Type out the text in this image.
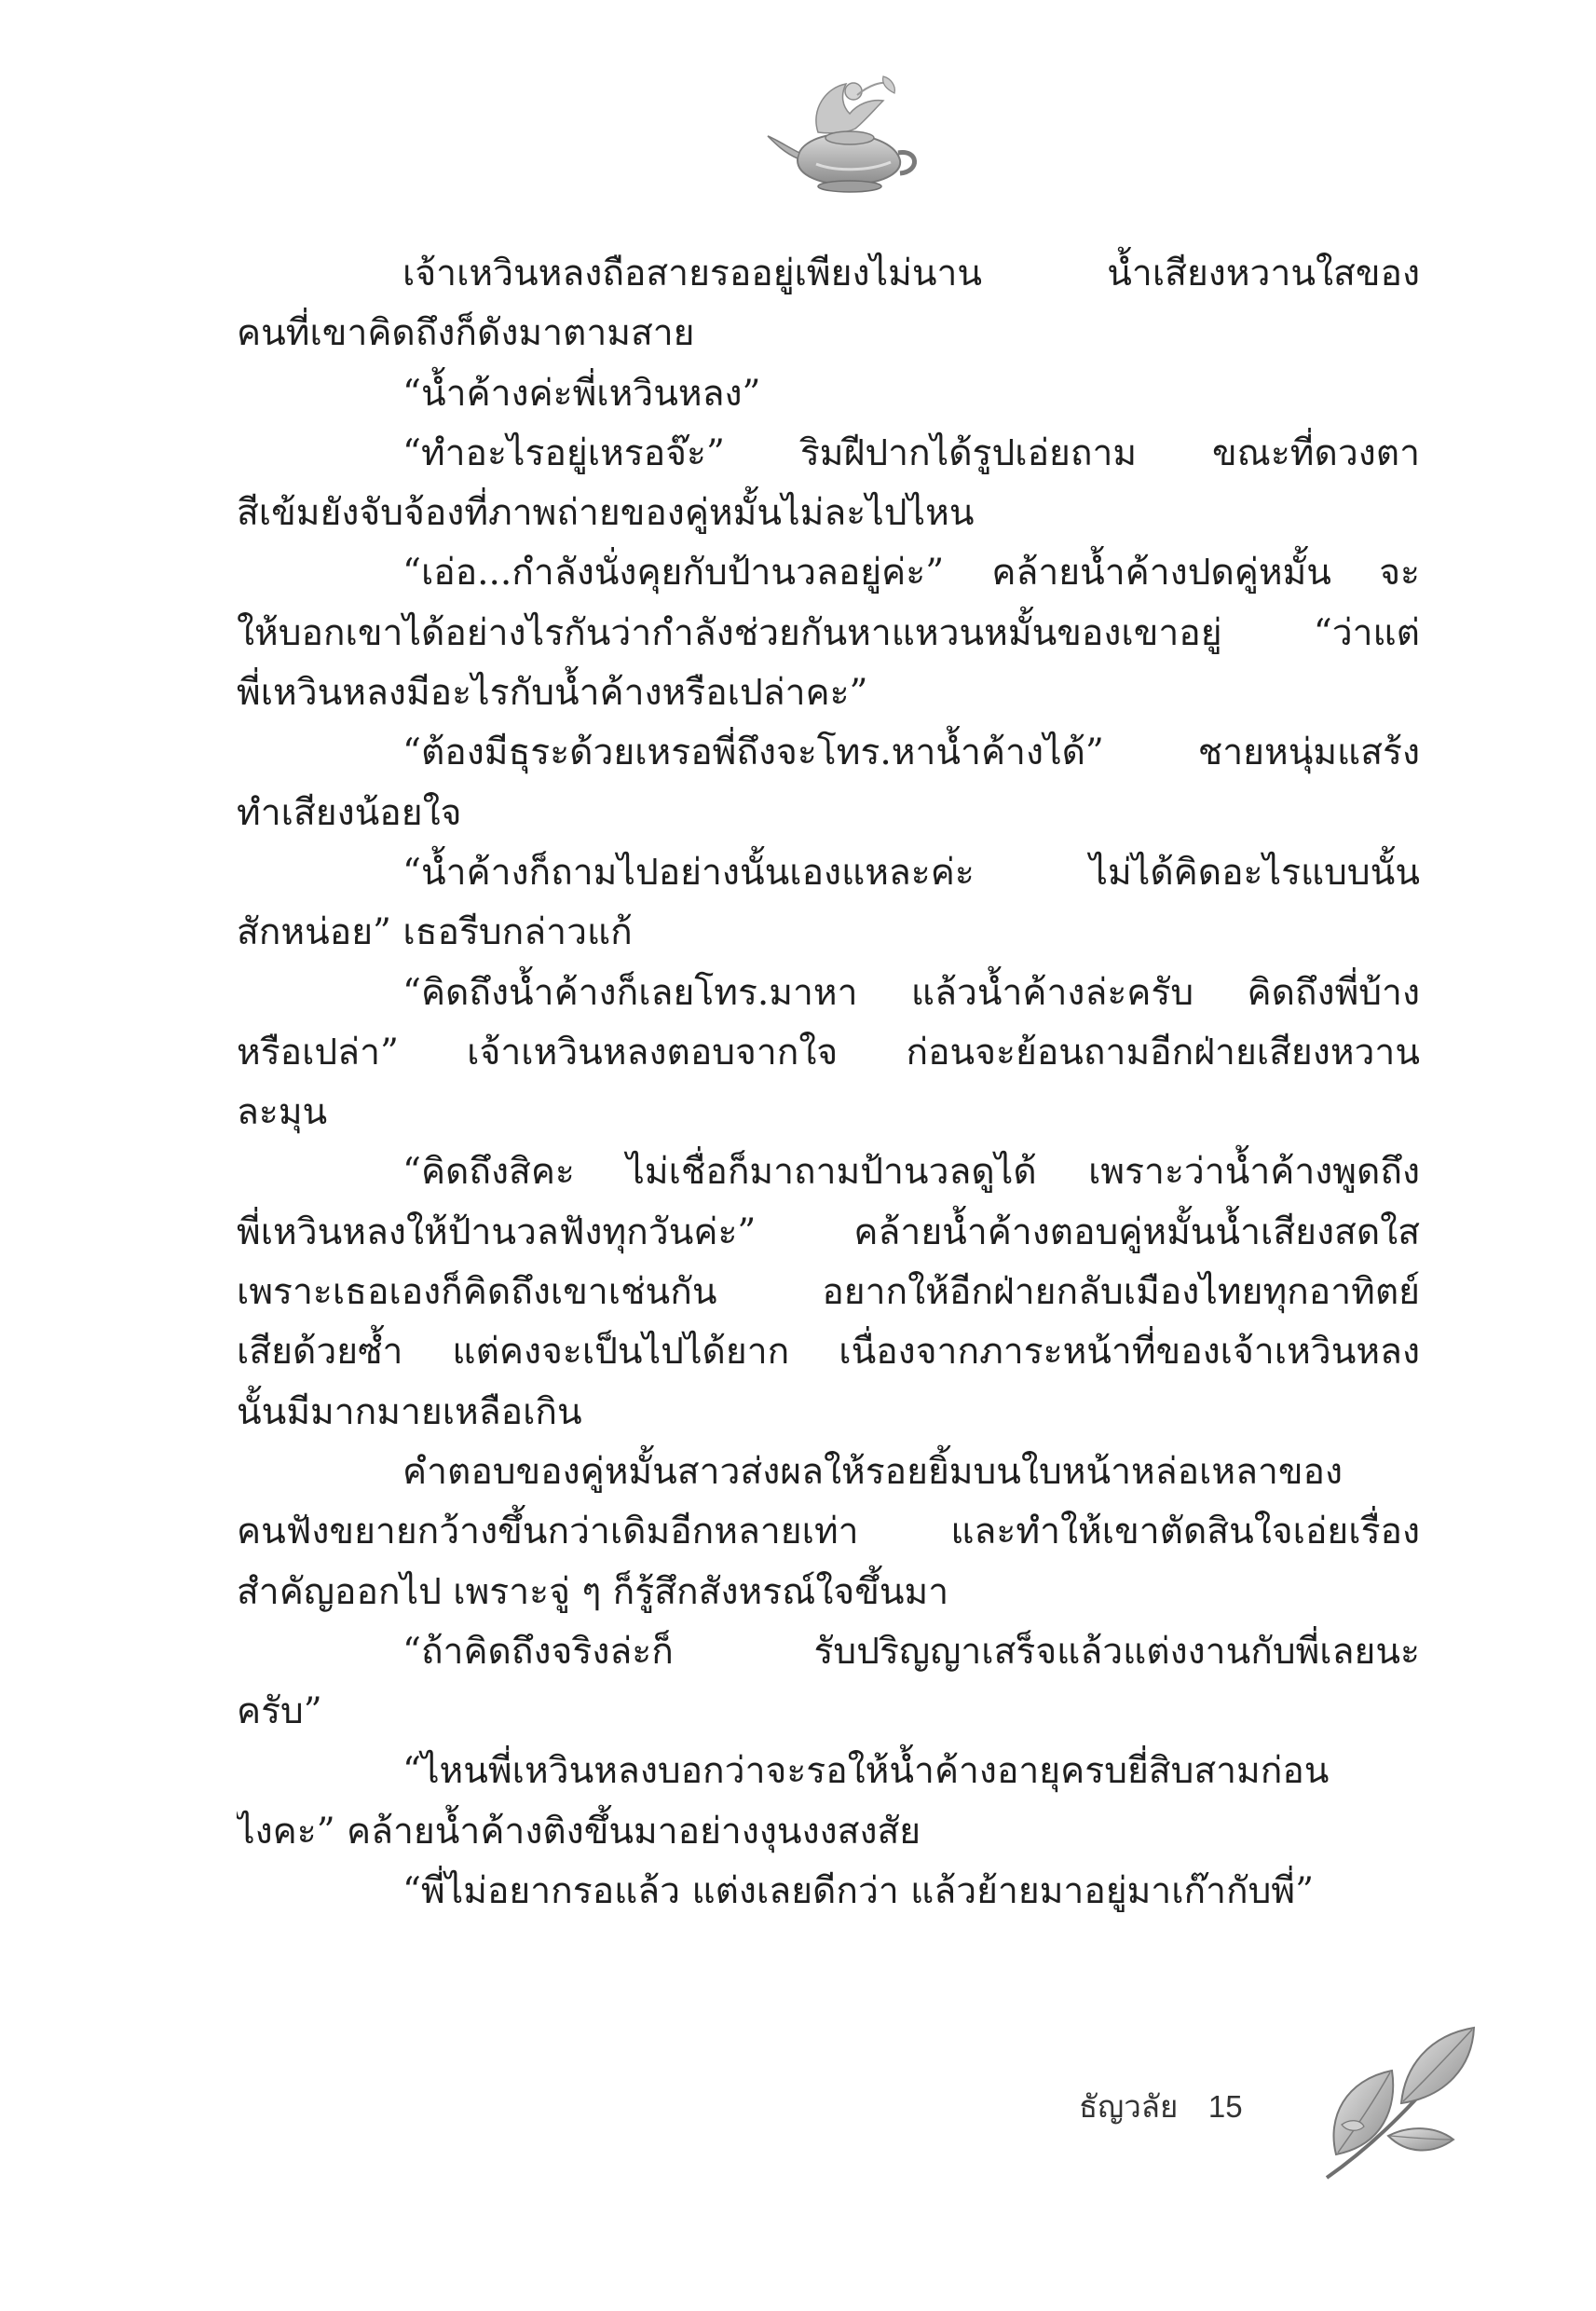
เจ้าเหวินหลงถือสายรออยู่เพียงไม่นาน น้ำเสียงหวานใสของ
คนที่เขาคิดถึงก็ดังมาตามสาย
“น้ำค้างค่ะพี่เหวินหลง”
“ทำอะไรอยู่เหรอจ๊ะ” ริมฝีปากได้รูปเอ่ยถาม ขณะที่ดวงตา
สีเข้มยังจับจ้องที่ภาพถ่ายของคู่หมั้นไม่ละไปไหน
“เอ่อ...กำลังนั่งคุยกับป้านวลอยู่ค่ะ” คล้ายน้ำค้างปดคู่หมั้น จะ
ให้บอกเขาได้อย่างไรกันว่ากำลังช่วยกันหาแหวนหมั้นของเขาอยู่ “ว่าแต่
พี่เหวินหลงมีอะไรกับน้ำค้างหรือเปล่าคะ”
“ต้องมีธุระด้วยเหรอพี่ถึงจะโทร.หาน้ำค้างได้” ชายหนุ่มแสร้ง
ทำเสียงน้อยใจ
“น้ำค้างก็ถามไปอย่างนั้นเองแหละค่ะ ไม่ได้คิดอะไรแบบนั้น
สักหน่อย” เธอรีบกล่าวแก้
“คิดถึงน้ำค้างก็เลยโทร.มาหา แล้วน้ำค้างล่ะครับ คิดถึงพี่บ้าง
หรือเปล่า” เจ้าเหวินหลงตอบจากใจ ก่อนจะย้อนถามอีกฝ่ายเสียงหวาน
ละมุน
“คิดถึงสิคะ ไม่เชื่อก็มาถามป้านวลดูได้ เพราะว่าน้ำค้างพูดถึง
พี่เหวินหลงให้ป้านวลฟังทุกวันค่ะ” คล้ายน้ำค้างตอบคู่หมั้นน้ำเสียงสดใส
เพราะเธอเองก็คิดถึงเขาเช่นกัน อยากให้อีกฝ่ายกลับเมืองไทยทุกอาทิตย์
เสียด้วยซ้ำ แต่คงจะเป็นไปได้ยาก เนื่องจากภาระหน้าที่ของเจ้าเหวินหลง
นั้นมีมากมายเหลือเกิน
คำตอบของคู่หมั้นสาวส่งผลให้รอยยิ้มบนใบหน้าหล่อเหลาของ
คนฟังขยายกว้างขึ้นกว่าเดิมอีกหลายเท่า และทำให้เขาตัดสินใจเอ่ยเรื่อง
สำคัญออกไป เพราะจู่ ๆ ก็รู้สึกสังหรณ์ใจขึ้นมา
“ถ้าคิดถึงจริงล่ะก็ รับปริญญาเสร็จแล้วแต่งงานกับพี่เลยนะ
ครับ”
“ไหนพี่เหวินหลงบอกว่าจะรอให้น้ำค้างอายุครบยี่สิบสามก่อน
ไงคะ” คล้ายน้ำค้างติงขึ้นมาอย่างงุนงงสงสัย
“พี่ไม่อยากรอแล้ว แต่งเลยดีกว่า แล้วย้ายมาอยู่มาเก๊ากับพี่”
ธัญวลัย 15
